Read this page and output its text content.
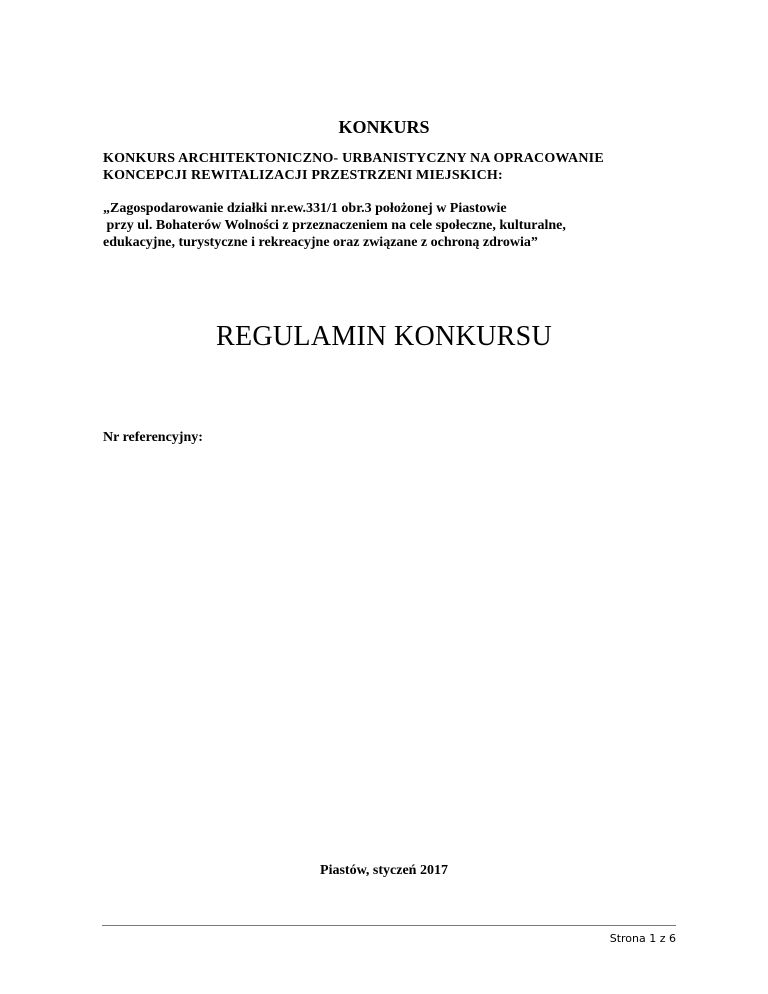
KONKURS
KONKURS ARCHITEKTONICZNO- URBANISTYCZNY NA OPRACOWANIE
KONCEPCJI REWITALIZACJI PRZESTRZENI MIEJSKICH:
„Zagospodarowanie działki nr.ew.331/1 obr.3 położonej w Piastowie
przy ul. Bohaterów Wolności z przeznaczeniem na cele społeczne, kulturalne,
edukacyjne, turystyczne i rekreacyjne oraz związane z ochroną zdrowia”
REGULAMIN KONKURSU
Nr referencyjny:
Piastów, styczeń 2017
Strona 1 z 6
